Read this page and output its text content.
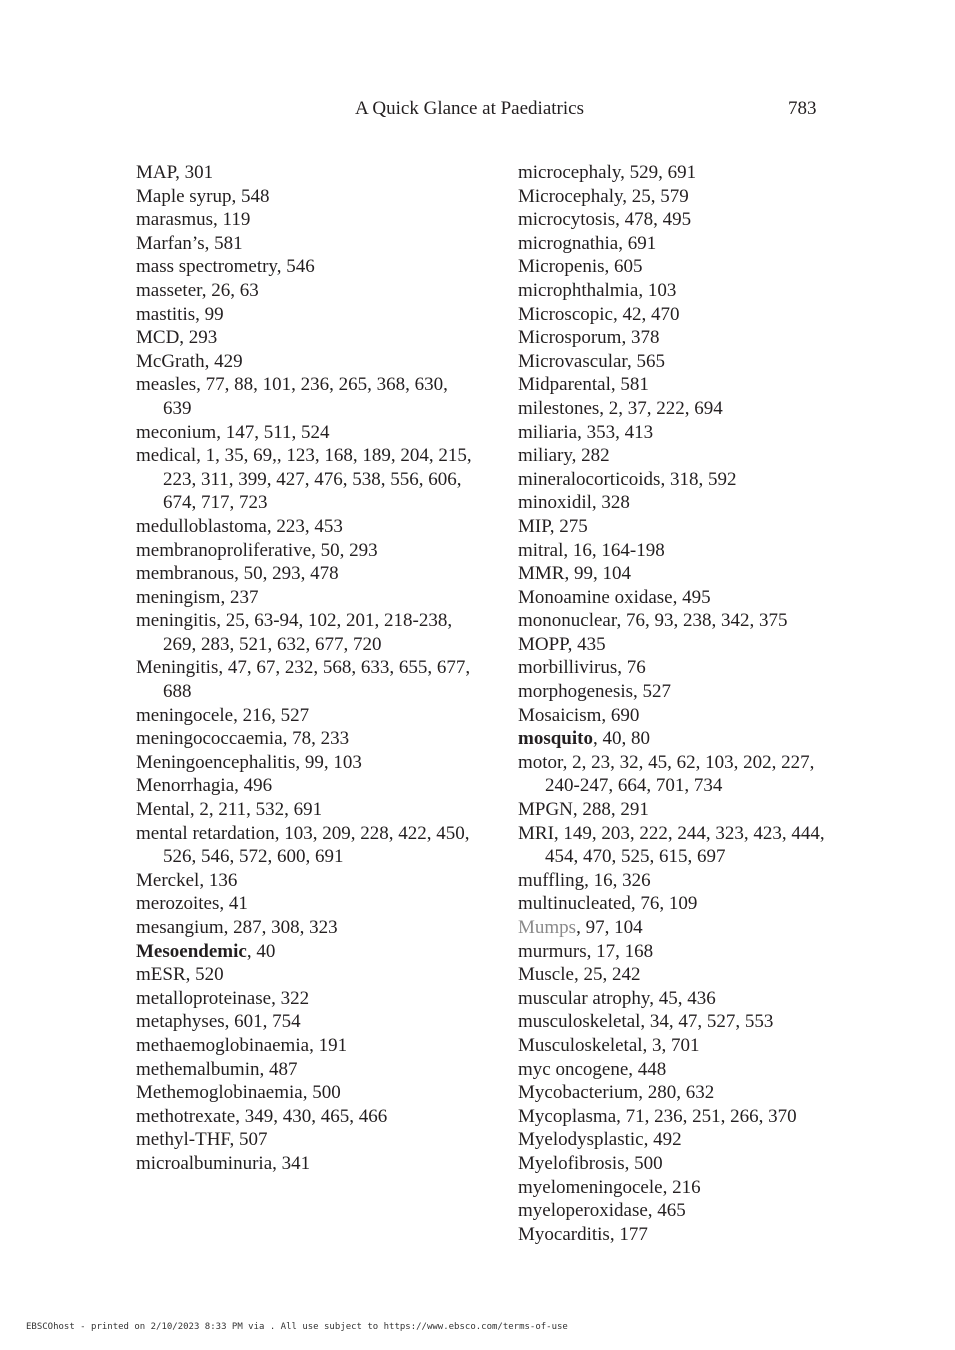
A Quick Glance at Paediatrics	783
MAP, 301
Maple syrup, 548
marasmus, 119
Marfan’s, 581
mass spectrometry, 546
masseter, 26, 63
mastitis, 99
MCD, 293
McGrath, 429
measles, 77, 88, 101, 236, 265, 368, 630, 639
meconium, 147, 511, 524
medical, 1, 35, 69,, 123, 168, 189, 204, 215, 223, 311, 399, 427, 476, 538, 556, 606, 674, 717, 723
medulloblastoma, 223, 453
membranoproliferative, 50, 293
membranous, 50, 293, 478
meningism, 237
meningitis, 25, 63-94, 102, 201, 218-238, 269, 283, 521, 632, 677, 720
Meningitis, 47, 67, 232, 568, 633, 655, 677, 688
meningocele, 216, 527
meningococcaemia, 78, 233
Meningoencephalitis, 99, 103
Menorrhagia, 496
Mental, 2, 211, 532, 691
mental retardation, 103, 209, 228, 422, 450, 526, 546, 572, 600, 691
Merckel, 136
merozoites, 41
mesangium, 287, 308, 323
Mesoendemic, 40
mESR, 520
metalloproteinase, 322
metaphyses, 601, 754
methaemoglobinaemia, 191
methemalbumin, 487
Methemoglobinaemia, 500
methotrexate, 349, 430, 465, 466
methyl-THF, 507
microalbuminuria, 341
microcephaly, 529, 691
Microcephaly, 25, 579
microcytosis, 478, 495
micrognathia, 691
Micropenis, 605
microphthalmia, 103
Microscopic, 42, 470
Microsporum, 378
Microvascular, 565
Midparental, 581
milestones, 2, 37, 222, 694
miliaria, 353, 413
miliary, 282
mineralocorticoids, 318, 592
minoxidil, 328
MIP, 275
mitral, 16, 164-198
MMR, 99, 104
Monoamine oxidase, 495
mononuclear, 76, 93, 238, 342, 375
MOPP, 435
morbillivirus, 76
morphogenesis, 527
Mosaicism, 690
mosquito, 40, 80
motor, 2, 23, 32, 45, 62, 103, 202, 227, 240-247, 664, 701, 734
MPGN, 288, 291
MRI, 149, 203, 222, 244, 323, 423, 444, 454, 470, 525, 615, 697
muffling, 16, 326
multinucleated, 76, 109
Mumps, 97, 104
murmurs, 17, 168
Muscle, 25, 242
muscular atrophy, 45, 436
musculoskeletal, 34, 47, 527, 553
Musculoskeletal, 3, 701
myc oncogene, 448
Mycobacterium, 280, 632
Mycoplasma, 71, 236, 251, 266, 370
Myelodysplastic, 492
Myelofibrosis, 500
myelomeningocele, 216
myeloperoxidase, 465
Myocarditis, 177
EBSCOhost - printed on 2/10/2023 8:33 PM via . All use subject to https://www.ebsco.com/terms-of-use
